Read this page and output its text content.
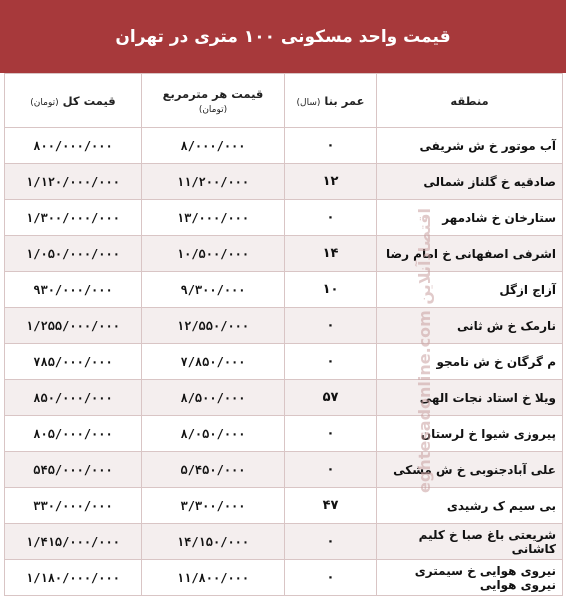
قیمت واحد مسکونی ۱۰۰ متری در تهران
منطقه	عمر بنا (سال)	قیمت هر مترمربع (تومان)	قیمت کل (تومان)
آب موتور خ ش شریفی	۰	۸/۰۰۰/۰۰۰	۸۰۰/۰۰۰/۰۰۰
صادقیه خ گلناز شمالی	۱۲	۱۱/۲۰۰/۰۰۰	۱/۱۲۰/۰۰۰/۰۰۰
ستارخان خ شادمهر	۰	۱۳/۰۰۰/۰۰۰	۱/۳۰۰/۰۰۰/۰۰۰
اشرفی اصفهانی خ امام رضا	۱۴	۱۰/۵۰۰/۰۰۰	۱/۰۵۰/۰۰۰/۰۰۰
آزاج ازگل	۱۰	۹/۳۰۰/۰۰۰	۹۳۰/۰۰۰/۰۰۰
نارمک خ ش ثانی	۰	۱۲/۵۵۰/۰۰۰	۱/۲۵۵/۰۰۰/۰۰۰
م گرگان خ ش نامجو	۰	۷/۸۵۰/۰۰۰	۷۸۵/۰۰۰/۰۰۰
ویلا خ استاد نجات الهی	۵۷	۸/۵۰۰/۰۰۰	۸۵۰/۰۰۰/۰۰۰
پیروزی شیوا خ لرستان	۰	۸/۰۵۰/۰۰۰	۸۰۵/۰۰۰/۰۰۰
علی آبادجنوبی خ ش مشکی	۰	۵/۴۵۰/۰۰۰	۵۴۵/۰۰۰/۰۰۰
بی سیم ک رشیدی	۴۷	۳/۳۰۰/۰۰۰	۳۳۰/۰۰۰/۰۰۰
شریعتی باغ صبا خ کلیم کاشانی	۰	۱۴/۱۵۰/۰۰۰	۱/۴۱۵/۰۰۰/۰۰۰
نیروی هوایی خ سیمتری نیروی هوایی	۰	۱۱/۸۰۰/۰۰۰	۱/۱۸۰/۰۰۰/۰۰۰
eghtesadonline.com اقتصادآنلاین
